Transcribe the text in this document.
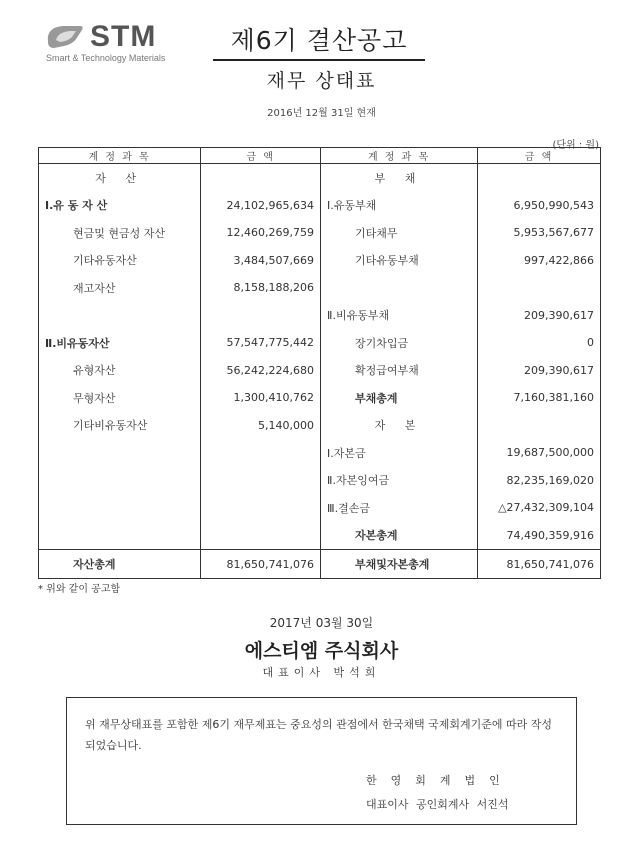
STM
Smart & Technology Materials
제6기 결산공고
재무 상태표
2016년 12월 31일 현재
(단위 : 원)
계 정 과 목	금 액	계 정 과 목	금 액
자 산		부 채	
Ⅰ.유 동 자 산	24,102,965,634	Ⅰ.유동부채	6,950,990,543
현금및 현금성 자산	12,460,269,759	기타채무	5,953,567,677
기타유동자산	3,484,507,669	기타유동부채	997,422,866
재고자산	8,158,188,206		
		Ⅱ.비유동부채	209,390,617
Ⅱ.비유동자산	57,547,775,442	장기차입금	0
유형자산	56,242,224,680	확정급여부채	209,390,617
무형자산	1,300,410,762	부채총계	7,160,381,160
기타비유동자산	5,140,000	자 본	
		Ⅰ.자본금	19,687,500,000
		Ⅱ.자본잉여금	82,235,169,020
		Ⅲ.결손금	△27,432,309,104
		자본총계	74,490,359,916
자산총계	81,650,741,076	부채및자본총계	81,650,741,076
* 위와 같이 공고함
2017년 03월 30일
에스티엠 주식회사
대표이사 박석희
위 재무상태표를 포함한 제6기 재무제표는 중요성의 관점에서 한국채택 국제회계기준에 따라 작성되었습니다.
한영회계법인
대표이사 공인회계사 서진석
